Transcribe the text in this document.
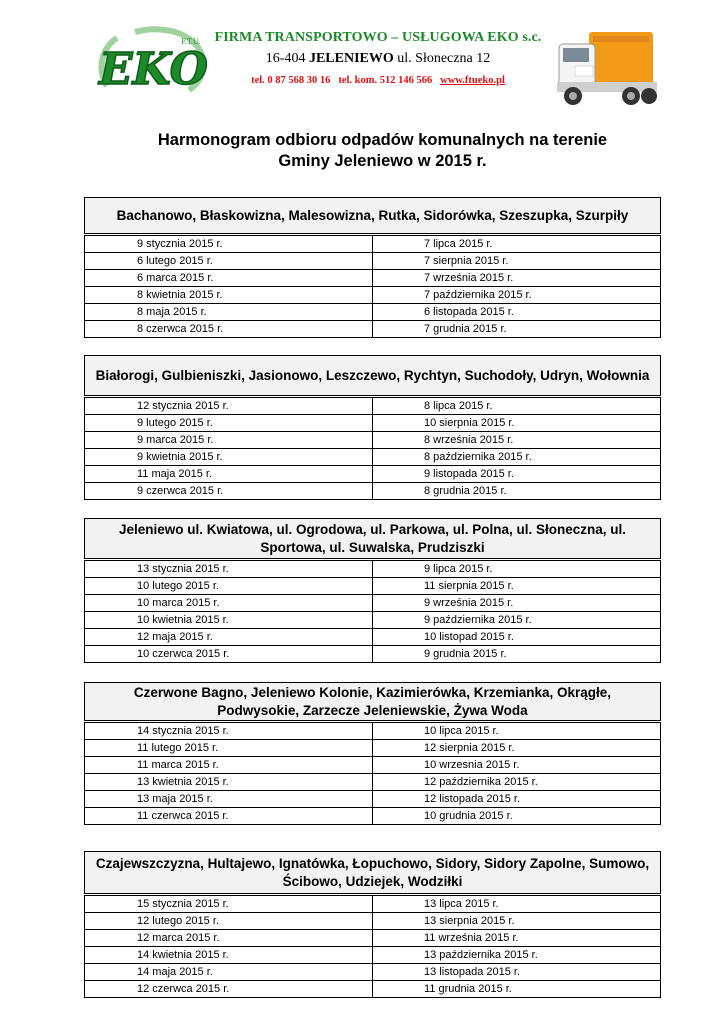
EKO
F.T.U.	FIRMA TRANSPORTOWO – USŁUGOWA EKO s.c.
16-404 JELENIEWO ul. Słoneczna 12
tel. 0 87 568 30 16 tel. kom. 512 146 566 www.ftueko.pl
Harmonogram odbioru odpadów komunalnych na terenie
Gminy Jeleniewo w 2015 r.
Bachanowo, Błaskowizna, Malesowizna, Rutka, Sidorówka, Szeszupka, Szurpiły
9 stycznia 2015 r.	7 lipca 2015 r.
6 lutego 2015 r.	7 sierpnia 2015 r.
6 marca 2015 r.	7 września 2015 r.
8 kwietnia 2015 r.	7 października 2015 r.
8 maja 2015 r.	6 listopada 2015 r.
8 czerwca 2015 r.	7 grudnia 2015 r.
Białorogi, Gulbieniszki, Jasionowo, Leszczewo, Rychtyn, Suchodoły, Udryn, Wołownia
12 stycznia 2015 r.	8 lipca 2015 r.
9 lutego 2015 r.	10 sierpnia 2015 r.
9 marca 2015 r.	8 września 2015 r.
9 kwietnia 2015 r.	8 października 2015 r.
11 maja 2015 r.	9 listopada 2015 r.
9 czerwca 2015 r.	8 grudnia 2015 r.
Jeleniewo ul. Kwiatowa, ul. Ogrodowa, ul. Parkowa, ul. Polna, ul. Słoneczna, ul. Sportowa, ul. Suwalska, Prudziszki
13 stycznia 2015 r.	9 lipca 2015 r.
10 lutego 2015 r.	11 sierpnia 2015 r.
10 marca 2015 r.	9 września 2015 r.
10 kwietnia 2015 r.	9 października 2015 r.
12 maja 2015 r.	10 listopad 2015 r.
10 czerwca 2015 r.	9 grudnia 2015 r.
Czerwone Bagno, Jeleniewo Kolonie, Kazimierówka, Krzemianka, Okrągłe, Podwysokie, Zarzecze Jeleniewskie, Żywa Woda
14 stycznia 2015 r.	10 lipca 2015 r.
11 lutego 2015 r.	12 sierpnia 2015 r.
11 marca 2015 r.	10 wrzesnia 2015 r.
13 kwietnia 2015 r.	12 października 2015 r.
13 maja 2015 r.	12 listopada 2015 r.
11 czerwca 2015 r.	10 grudnia 2015 r.
Czajewszczyzna, Hultajewo, Ignatówka, Łopuchowo, Sidory, Sidory Zapolne, Sumowo, Ścibowo, Udziejek, Wodziłki
15 stycznia 2015 r.	13 lipca 2015 r.
12 lutego 2015 r.	13 sierpnia 2015 r.
12 marca 2015 r.	11 września 2015 r.
14 kwietnia 2015 r.	13 października 2015 r.
14 maja 2015 r.	13 listopada 2015 r.
12 czerwca 2015 r.	11 grudnia 2015 r.
